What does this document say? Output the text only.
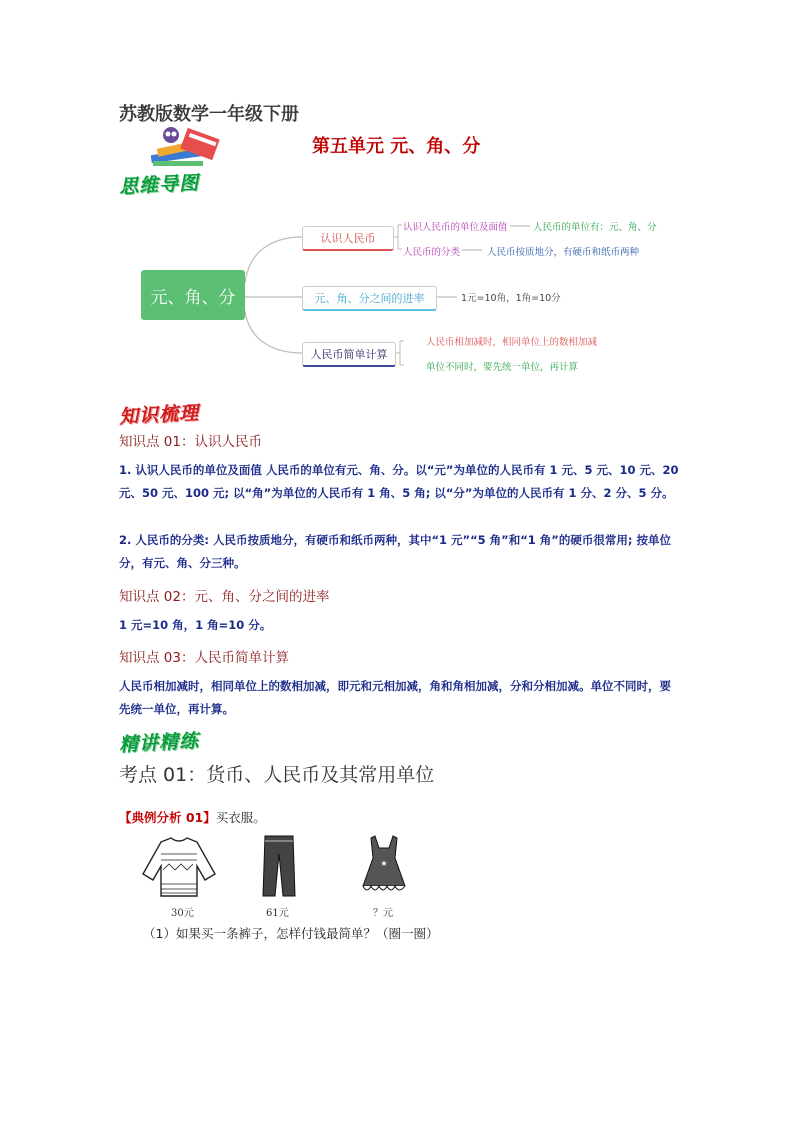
苏教版数学一年级下册
第五单元 元、角、分
思维导图
元、角、分
认识人民币
认识人民币的单位及面值	人民币的单位有：元、角、分
人民币的分类	人民币按质地分，有硬币和纸币两种
元、角、分之间的进率	1元=10角，1角=10分
人民币简单计算
人民币相加减时，相同单位上的数相加减
单位不同时，要先统一单位，再计算
知识梳理
知识点 01：认识人民币
1. 认识人民币的单位及面值 人民币的单位有元、角、分。以“元”为单位的人民币有 1 元、5 元、10 元、20 元、50 元、100 元; 以“角”为单位的人民币有 1 角、5 角; 以“分”为单位的人民币有 1 分、2 分、5 分。
2. 人民币的分类: 人民币按质地分，有硬币和纸币两种，其中“1 元”“5 角”和“1 角”的硬币很常用; 按单位分，有元、角、分三种。
知识点 02：元、角、分之间的进率
1 元=10 角，1 角=10 分。
知识点 03：人民币简单计算
人民币相加减时，相同单位上的数相加减，即元和元相加减，角和角相加减，分和分相加减。单位不同时，要先统一单位，再计算。
精讲精练
考点 01：货币、人民币及其常用单位
【典例分析 01】买衣服。
30元	61元
★
？元
（1）如果买一条裤子，怎样付钱最简单？（圈一圈）
